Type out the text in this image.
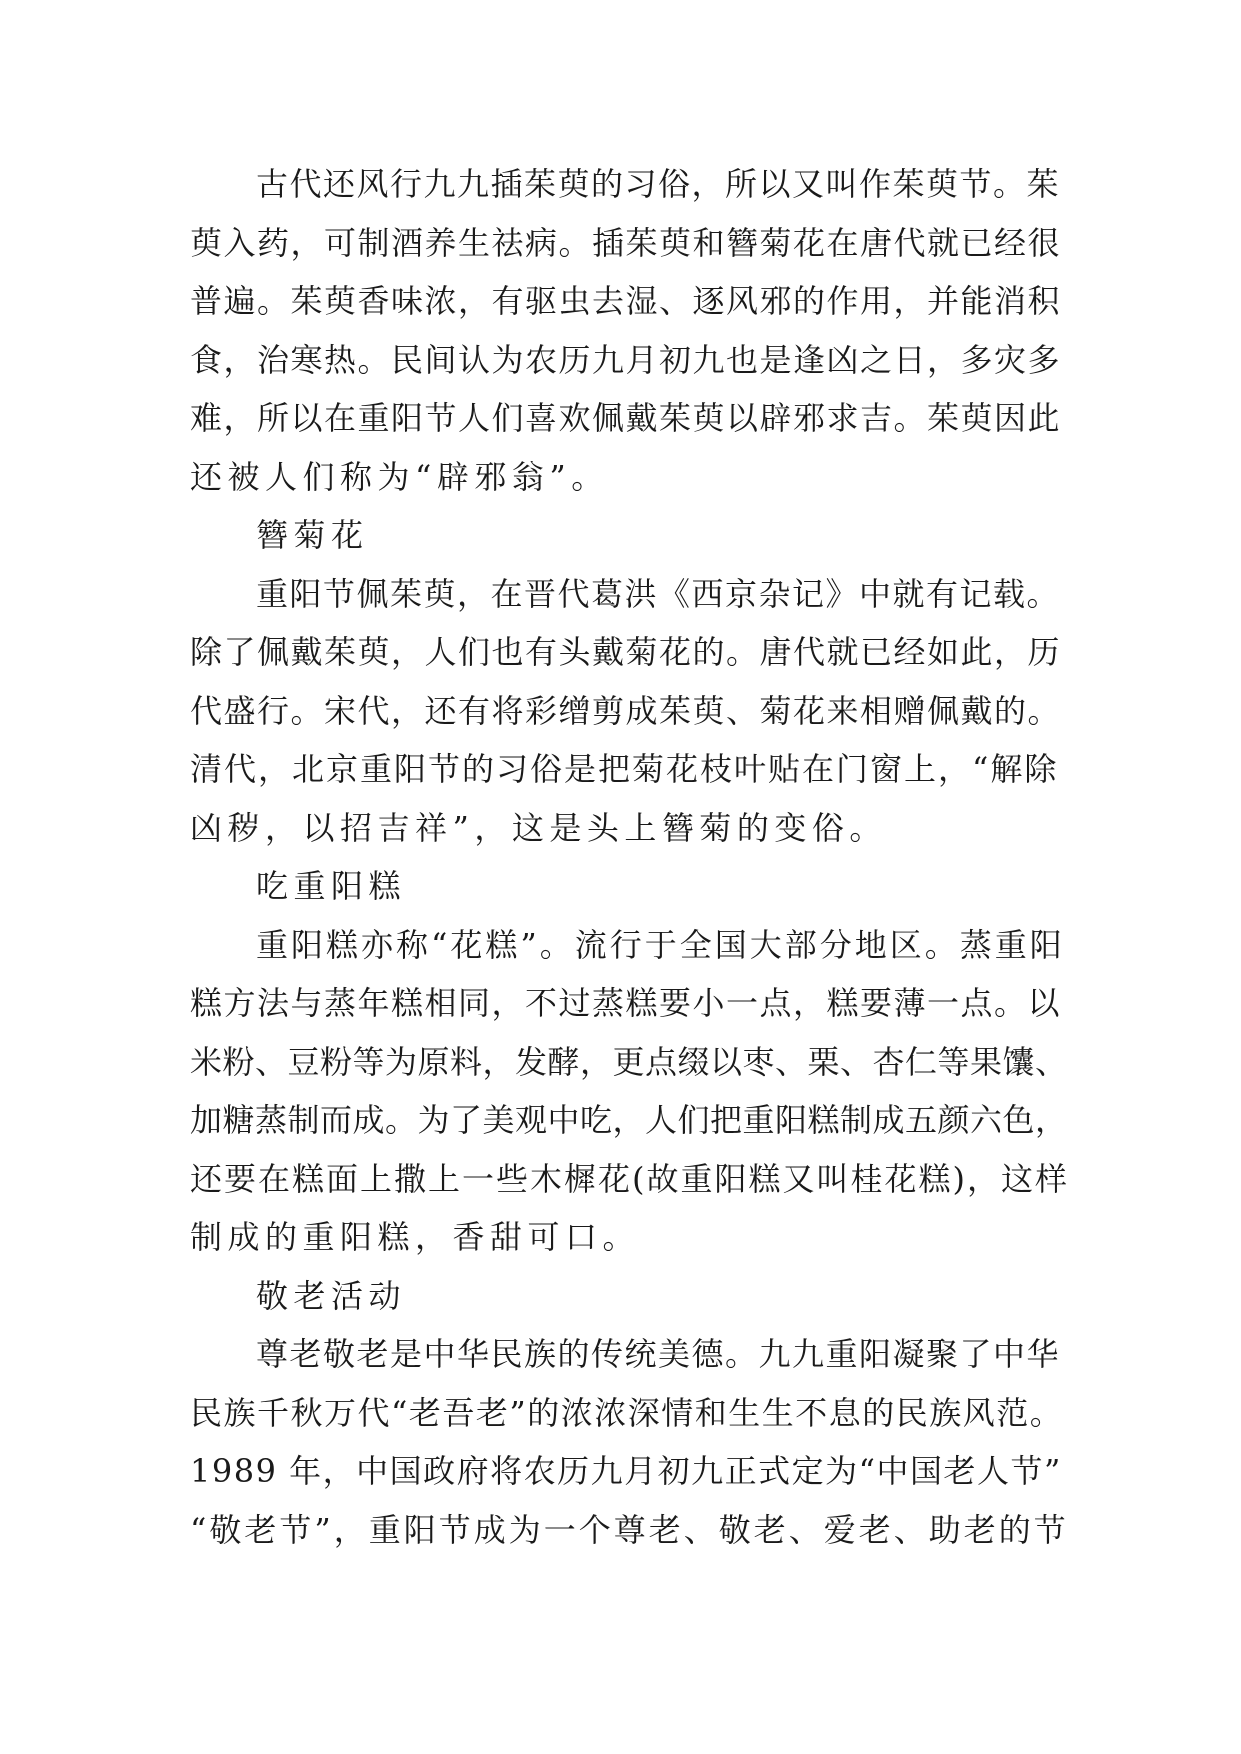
古代还风行九九插茱萸的习俗，所以又叫作茱萸节。茱
萸入药，可制酒养生祛病。插茱萸和簪菊花在唐代就已经很
普遍。茱萸香味浓，有驱虫去湿、逐风邪的作用，并能消积
食，治寒热。民间认为农历九月初九也是逢凶之日，多灾多
难，所以在重阳节人们喜欢佩戴茱萸以辟邪求吉。茱萸因此
还被人们称为“辟邪翁”。
簪菊花
重阳节佩茱萸，在晋代葛洪《西京杂记》中就有记载。
除了佩戴茱萸，人们也有头戴菊花的。唐代就已经如此，历
代盛行。宋代，还有将彩缯剪成茱萸、菊花来相赠佩戴的。
清代，北京重阳节的习俗是把菊花枝叶贴在门窗上，“解除
凶秽，以招吉祥”，这是头上簪菊的变俗。
吃重阳糕
重阳糕亦称“花糕”。流行于全国大部分地区。蒸重阳
糕方法与蒸年糕相同，不过蒸糕要小一点，糕要薄一点。以
米粉、豆粉等为原料，发酵，更点缀以枣、栗、杏仁等果馕、
加糖蒸制而成。为了美观中吃，人们把重阳糕制成五颜六色，
还要在糕面上撒上一些木樨花(故重阳糕又叫桂花糕)，这样
制成的重阳糕，香甜可口。
敬老活动
尊老敬老是中华民族的传统美德。九九重阳凝聚了中华
民族千秋万代“老吾老”的浓浓深情和生生不息的民族风范。
1989 年，中国政府将农历九月初九正式定为“中国老人节”
“敬老节”，重阳节成为一个尊老、敬老、爱老、助老的节
